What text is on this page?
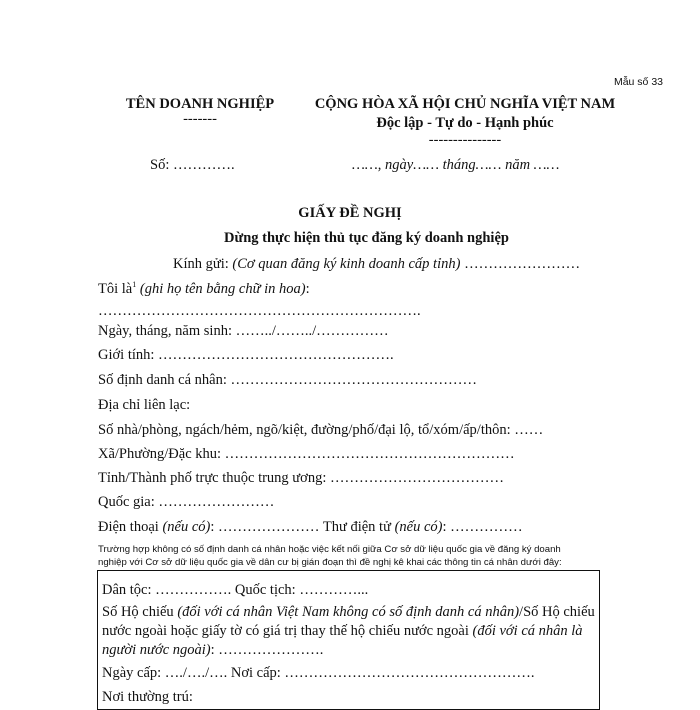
Mẫu số 33
TÊN DOANH NGHIỆP
-------
CỘNG HÒA XÃ HỘI CHỦ NGHĨA VIỆT NAM
Độc lập - Tự do - Hạnh phúc
---------------
Số: ………….	……, ngày…… tháng…… năm ……
GIẤY ĐỀ NGHỊ
Dừng thực hiện thủ tục đăng ký doanh nghiệp
Kính gửi: (Cơ quan đăng ký kinh doanh cấp tỉnh) ……………………
Tôi $là^1$ (ghi họ tên bằng chữ in hoa):
………………………………………………………….
Ngày, tháng, năm sinh: ……../……../……………
Giới tính: ………………………………………….
Số định danh cá nhân: ……………………………………………
Địa chỉ liên lạc:
Số nhà/phòng, ngách/hẻm, ngõ/kiệt, đường/phố/đại lộ, tổ/xóm/ấp/thôn: ……
Xã/Phường/Đặc khu: ……………………………………………………
Tỉnh/Thành phố trực thuộc trung ương: ………………………………
Quốc gia: ……………………
Điện thoại (nếu có): ………………… Thư điện tử (nếu có): ……………
Trường hợp không có số định danh cá nhân hoặc việc kết nối giữa Cơ sở dữ liệu quốc gia về đăng ký doanh
nghiệp với Cơ sở dữ liệu quốc gia về dân cư bị gián đoạn thì đề nghị kê khai các thông tin cá nhân dưới đây:
Dân tộc: ……………. Quốc tịch: …………...
Số Hộ chiếu (đối với cá nhân Việt Nam không có số định danh cá nhân)/Số Hộ chiếu
nước ngoài hoặc giấy tờ có giá trị thay thế hộ chiếu nước ngoài (đối với cá nhân là
người nước ngoài): ………………….
Ngày cấp: …./…./…. Nơi cấp: …………………………………………….
Nơi thường trú:
